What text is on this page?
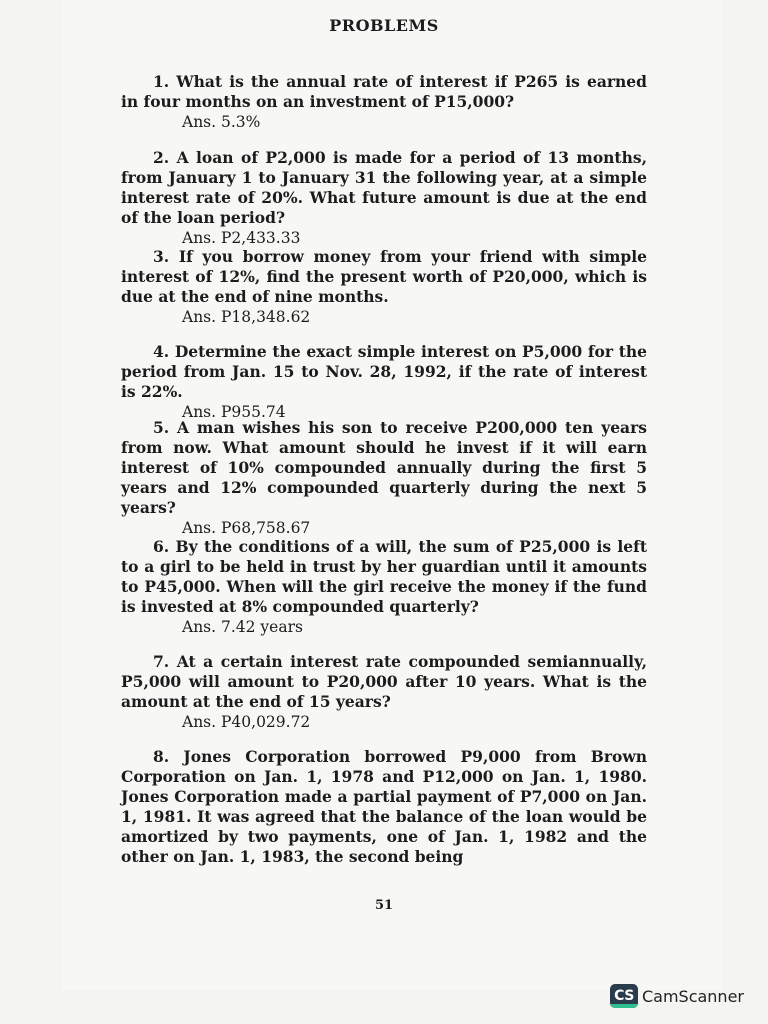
PROBLEMS

1. What is the annual rate of interest if P265 is earned in four months on an investment of P15,000?

Ans. 5.3%

2. A loan of P2,000 is made for a period of 13 months, from January 1 to January 31 the following year, at a simple interest rate of 20%. What future amount is due at the end of the loan period?

Ans. P2,433.33

3. If you borrow money from your friend with simple interest of 12%, find the present worth of P20,000, which is due at the end of nine months.

Ans. P18,348.62

4. Determine the exact simple interest on P5,000 for the period from Jan. 15 to Nov. 28, 1992, if the rate of interest is 22%.

Ans. P955.74

5. A man wishes his son to receive P200,000 ten years from now. What amount should he invest if it will earn interest of 10% compounded annually during the first 5 years and 12% compounded quarterly during the next 5 years?

Ans. P68,758.67

6. By the conditions of a will, the sum of P25,000 is left to a girl to be held in trust by her guardian until it amounts to P45,000. When will the girl receive the money if the fund is invested at 8% compounded quarterly?

Ans. 7.42 years

7. At a certain interest rate compounded semiannually, P5,000 will amount to P20,000 after 10 years. What is the amount at the end of 15 years?

Ans. P40,029.72

8. Jones Corporation borrowed P9,000 from Brown Corporation on Jan. 1, 1978 and P12,000 on Jan. 1, 1980. Jones Corporation made a partial payment of P7,000 on Jan. 1, 1981. It was agreed that the balance of the loan would be amortized by two payments, one of Jan. 1, 1982 and the other on Jan. 1, 1983, the second being

51
CS CamScanner
